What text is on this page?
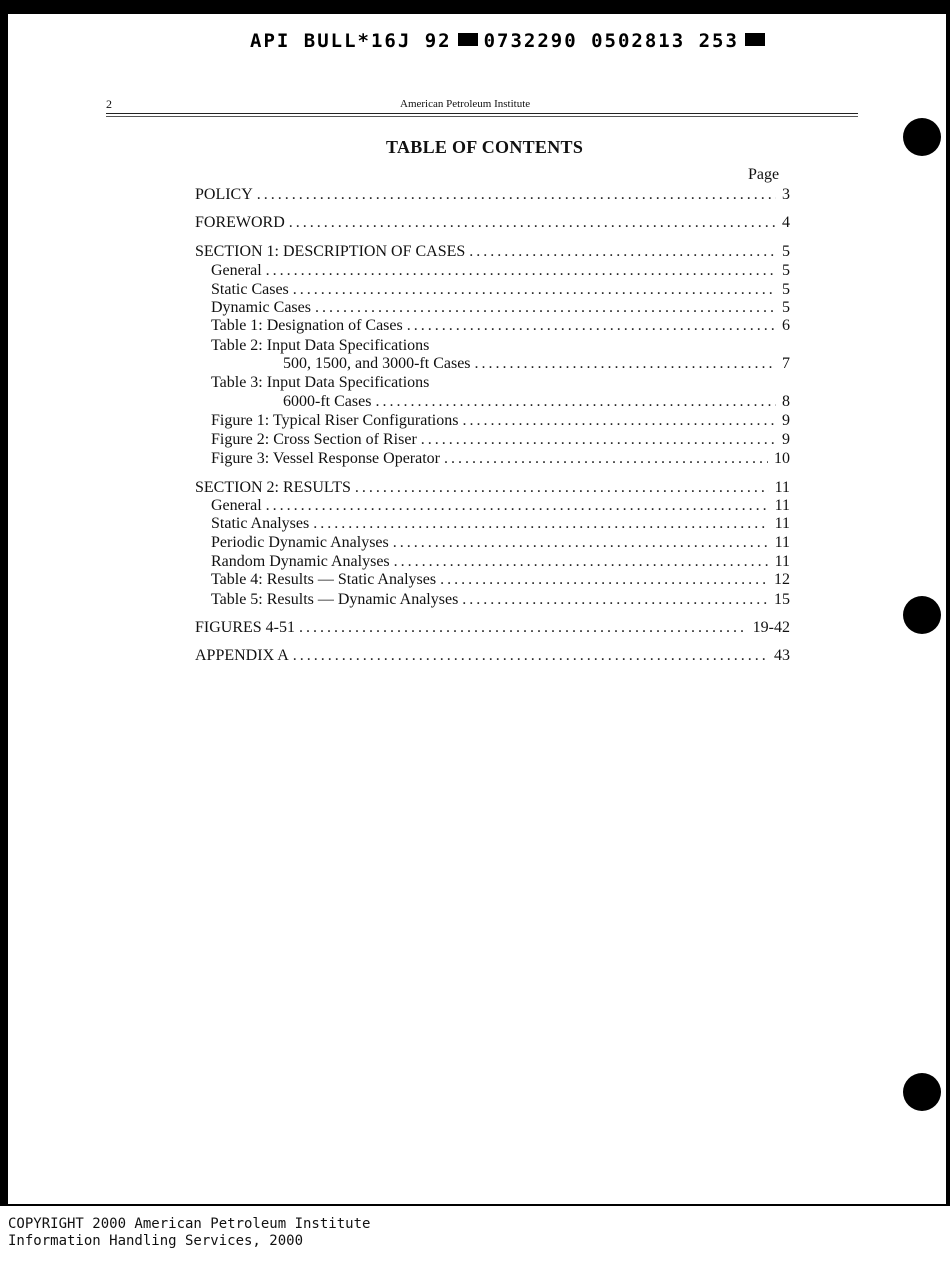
API BULL*16J 92 0732290 0502813 253
2	American Petroleum Institute
TABLE OF CONTENTS
Page
POLICY .....	3
FOREWORD .....	4
SECTION 1: DESCRIPTION OF CASES .....	5
General .....	5
Static Cases .....	5
Dynamic Cases .....	5
Table 1: Designation of Cases .....	6
Table 2: Input Data Specifications
500, 1500, and 3000-ft Cases .....	7
Table 3: Input Data Specifications
6000-ft Cases .....	8
Figure 1: Typical Riser Configurations .....	9
Figure 2: Cross Section of Riser .....	9
Figure 3: Vessel Response Operator .....	10
SECTION 2: RESULTS .....	11
General .....	11
Static Analyses .....	11
Periodic Dynamic Analyses .....	11
Random Dynamic Analyses .....	11
Table 4: Results — Static Analyses .....	12
Table 5: Results — Dynamic Analyses .....	15
FIGURES 4-51 .....	19-42
APPENDIX A .....	43
COPYRIGHT 2000 American Petroleum Institute
Information Handling Services, 2000
